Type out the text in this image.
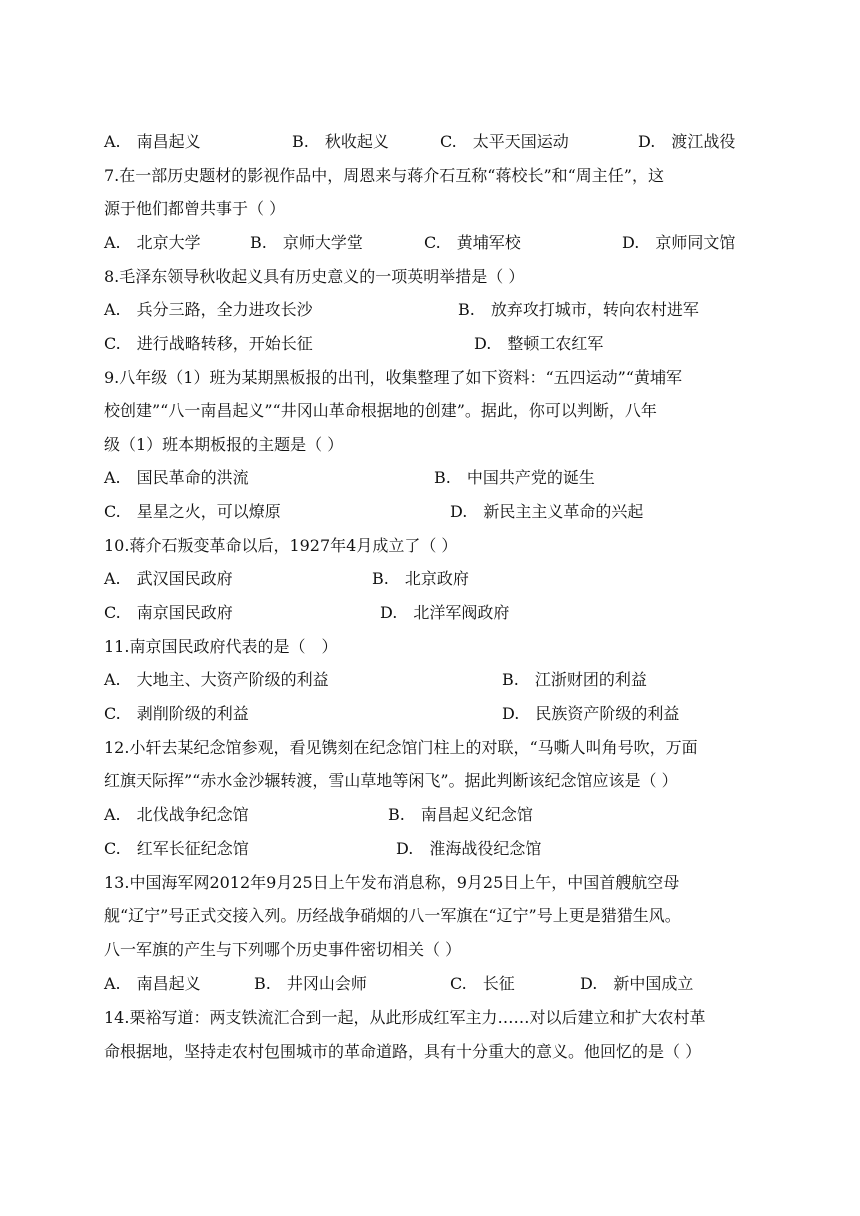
A.　南昌起义	B.　秋收起义	C.　太平天国运动	D.　渡江战役
7.在一部历史题材的影视作品中，周恩来与蒋介石互称“蒋校长”和“周主任”，这
源于他们都曾共事于（ ）
A.　北京大学	B.　京师大学堂	C.　黄埔军校	D.　京师同文馆
8.毛泽东领导秋收起义具有历史意义的一项英明举措是（ ）
A.　兵分三路，全力进攻长沙	B.　放弃攻打城市，转向农村进军
C.　进行战略转移，开始长征	D.　整顿工农红军
9.八年级（1）班为某期黑板报的出刊，收集整理了如下资料：“五四运动”“黄埔军
校创建”“八一南昌起义”“井冈山革命根据地的创建”。据此，你可以判断，八年
级（1）班本期板报的主题是（ ）
A.　国民革命的洪流	B.　中国共产党的诞生
C.　星星之火，可以燎原	D.　新民主主义革命的兴起
10.蒋介石叛变革命以后，1927年4月成立了（ ）
A.　武汉国民政府	B.　北京政府
C.　南京国民政府	D.　北洋军阀政府
11.南京国民政府代表的是（　）
A.　大地主、大资产阶级的利益	B.　江浙财团的利益
C.　剥削阶级的利益	D.　民族资产阶级的利益
12.小轩去某纪念馆参观，看见镌刻在纪念馆门柱上的对联，“马嘶人叫角号吹，万面
红旗天际挥”“赤水金沙辗转渡，雪山草地等闲飞”。据此判断该纪念馆应该是（ ）
A.　北伐战争纪念馆	B.　南昌起义纪念馆
C.　红军长征纪念馆	D.　淮海战役纪念馆
13.中国海军网2012年9月25日上午发布消息称，9月25日上午，中国首艘航空母
舰“辽宁”号正式交接入列。历经战争硝烟的八一军旗在“辽宁”号上更是猎猎生风。
八一军旗的产生与下列哪个历史事件密切相关（ ）
A.　南昌起义	B.　井冈山会师	C.　长征	D.　新中国成立
14.栗裕写道：两支铁流汇合到一起，从此形成红军主力……对以后建立和扩大农村革
命根据地，坚持走农村包围城市的革命道路，具有十分重大的意义。他回忆的是（ ）
